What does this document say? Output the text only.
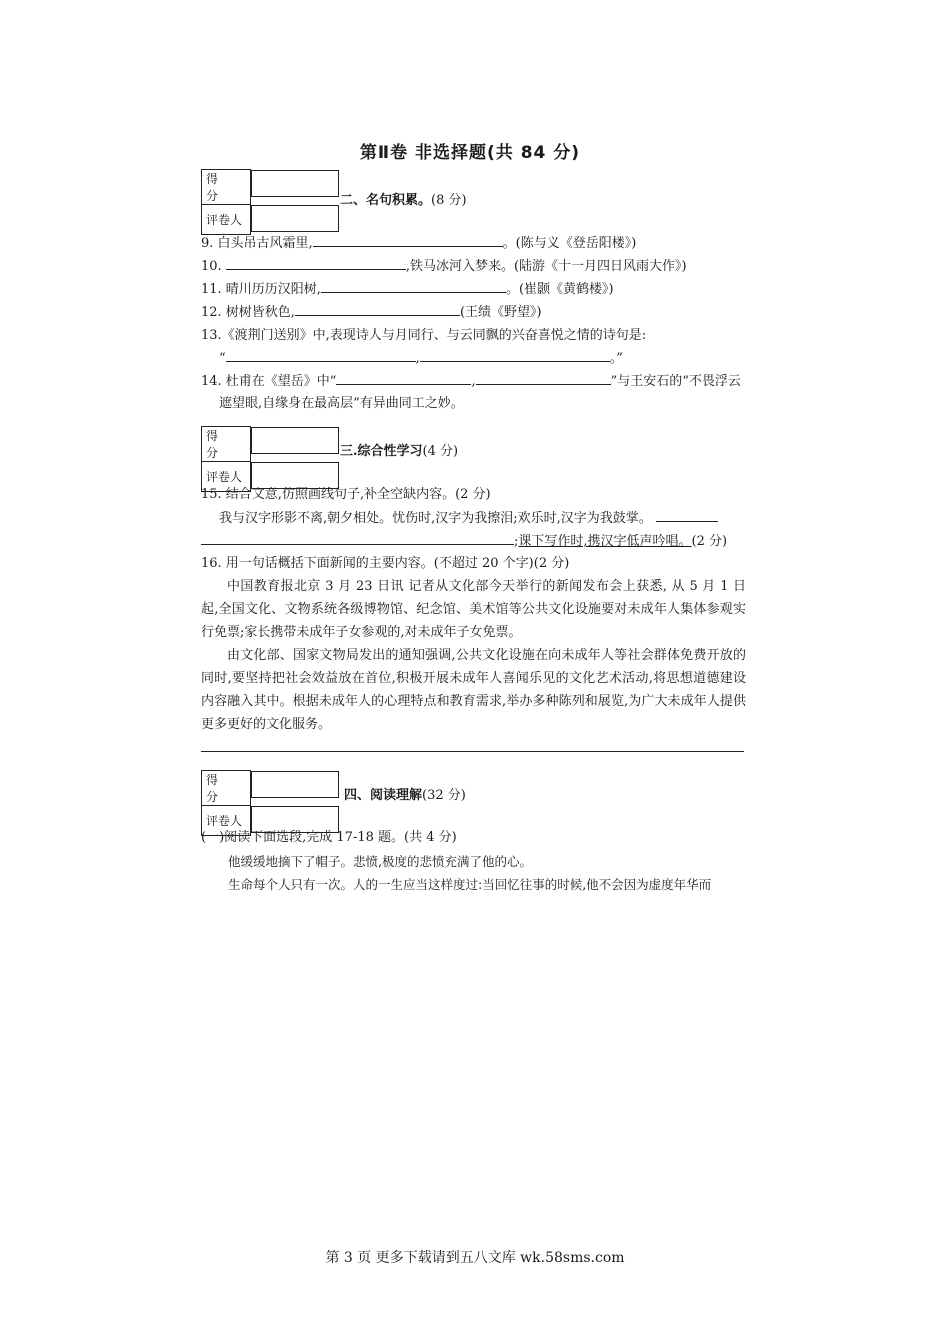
第Ⅱ卷 非选择题(共 84 分)
得 分	
评卷人	
二、名句积累。(8 分)
9. 白头吊古风霜里,	。(陈与义《登岳阳楼》)
10.	,铁马冰河入梦来。(陆游《十一月四日风雨大作》)
11. 晴川历历汉阳树,	。(崔颢《黄鹤楼》)
12. 树树皆秋色,	(王绩《野望》)
13.《渡荆门送别》中,表现诗人与月同行、与云同飘的兴奋喜悦之情的诗句是:
“	,	。”
14. 杜甫在《望岳》中“	,	”与王安石的“不畏浮云
遮望眼,自缘身在最高层”有异曲同工之妙。
得 分	
评卷人	
三.综合性学习(4 分)
15. 结合文意,仿照画线句子,补全空缺内容。(2 分)
我与汉字形影不离,朝夕相处。忧伤时,汉字为我擦泪;欢乐时,汉字为我鼓掌。
;课下写作时,携汉字低声吟唱。(2 分)
16. 用一句话概括下面新闻的主要内容。(不超过 20 个字)(2 分)

中国教育报北京 3 月 23 日讯 记者从文化部今天举行的新闻发布会上获悉, 从 5 月 1 日起,全国文化、文物系统各级博物馆、纪念馆、美术馆等公共文化设施要对未成年人集体参观实行免票;家长携带未成年子女参观的,对未成年子女免票。

由文化部、国家文物局发出的通知强调,公共文化设施在向未成年人等社会群体免费开放的同时,要坚持把社会效益放在首位,积极开展未成年人喜闻乐见的文化艺术活动,将思想道德建设内容融入其中。根据未成年人的心理特点和教育需求,举办多种陈列和展览,为广大未成年人提供更多更好的文化服务。

得 分	
评卷人	
四、阅读理解(32 分)
(一)阅读下面选段,完成 17-18 题。(共 4 分)
他缓缓地摘下了帽子。悲愤,极度的悲愤充满了他的心。
生命每个人只有一次。人的一生应当这样度过:当回忆往事的时候,他不会因为虚度年华而
第 3 页 更多下载请到五八文库 wk.58sms.com
